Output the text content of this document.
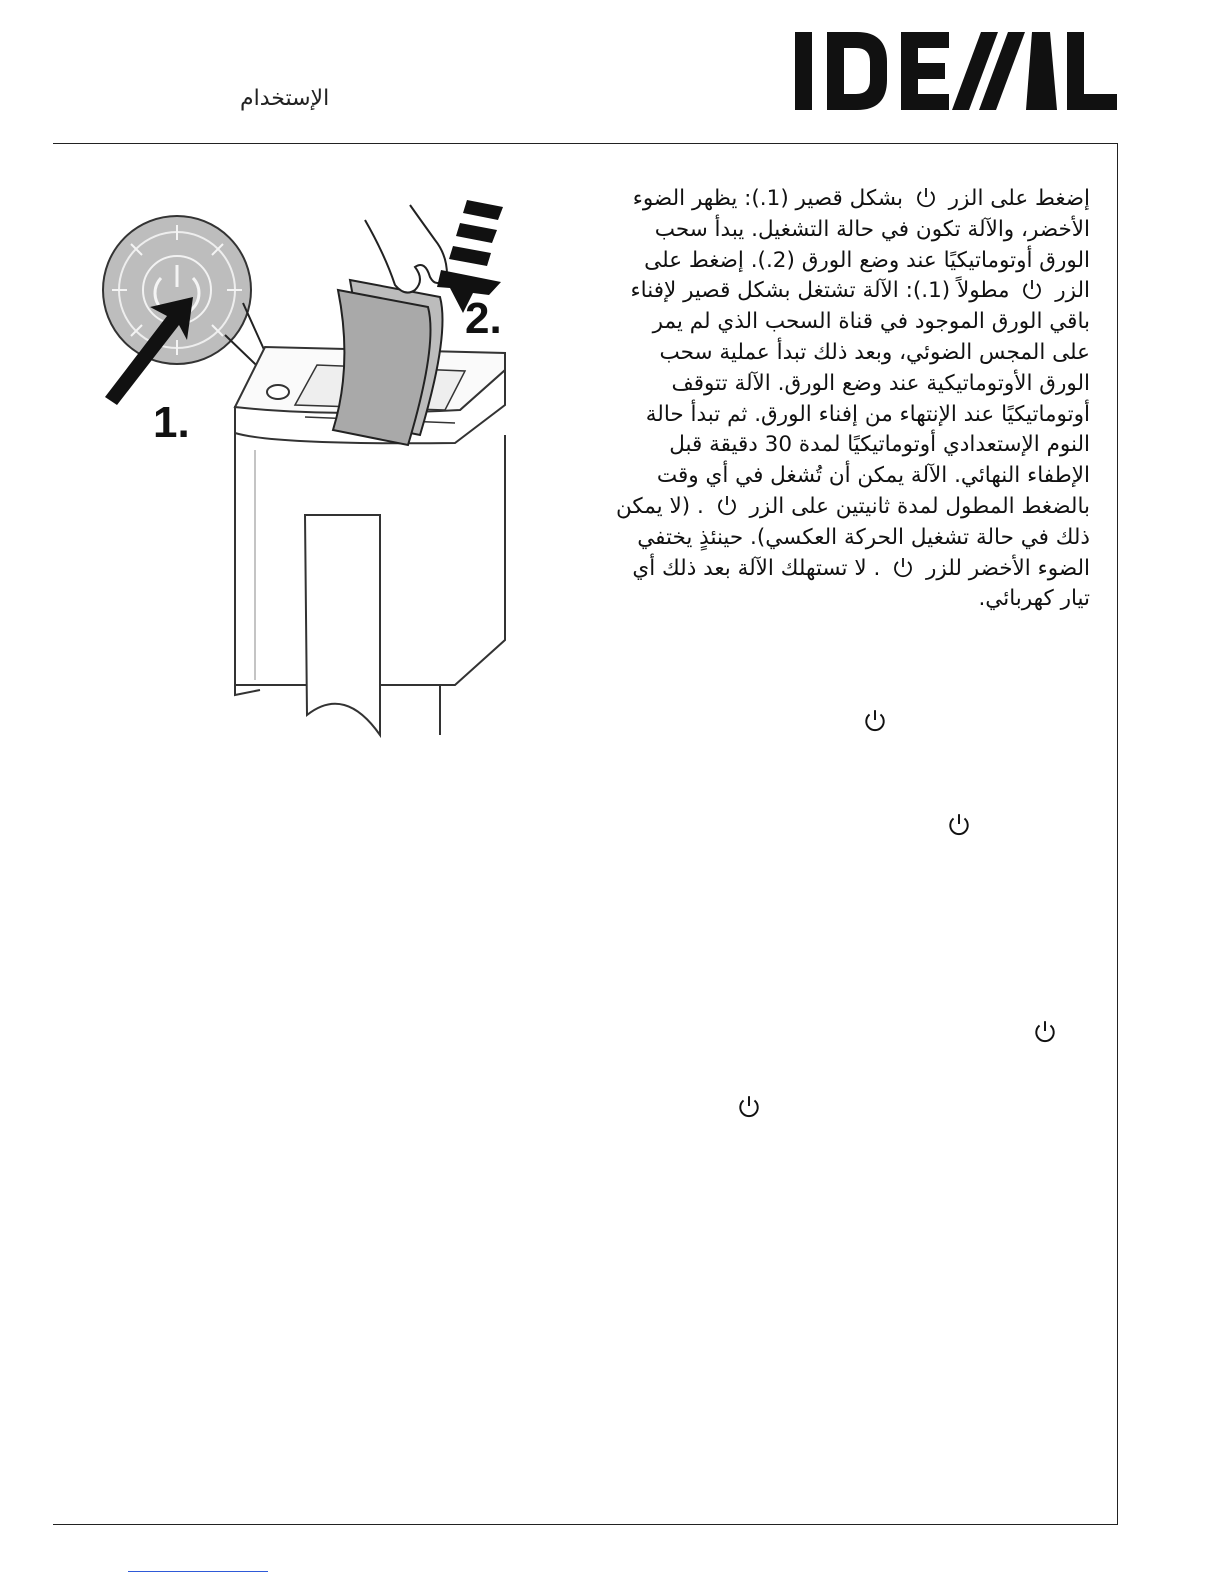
الإستخدام
1.
2.
إضغط على الزر  بشكل قصير (1.): يظهر الضوء الأخضر، والآلة تكون في حالة التشغيل. يبدأ سحب الورق أوتوماتيكيًا عند وضع الورق (2.). إضغط على الزر  مطولاً (1.): الآلة تشتغل بشكل قصير لإفناء باقي الورق الموجود في قناة السحب الذي لم يمر على المجس الضوئي، وبعد ذلك تبدأ عملية سحب الورق الأوتوماتيكية عند وضع الورق. الآلة تتوقف أوتوماتيكيًا عند الإنتهاء من إفناء الورق. ثم تبدأ حالة النوم الإستعدادي أوتوماتيكيًا لمدة 30 دقيقة قبل الإطفاء النهائي. الآلة يمكن أن تُشغل في أي وقت بالضغط المطول لمدة ثانيتين على الزر  . (لا يمكن ذلك في حالة تشغيل الحركة العكسي). حينئذٍ يختفي الضوء الأخضر للزر  . لا تستهلك الآلة بعد ذلك أي تيار كهربائي.
